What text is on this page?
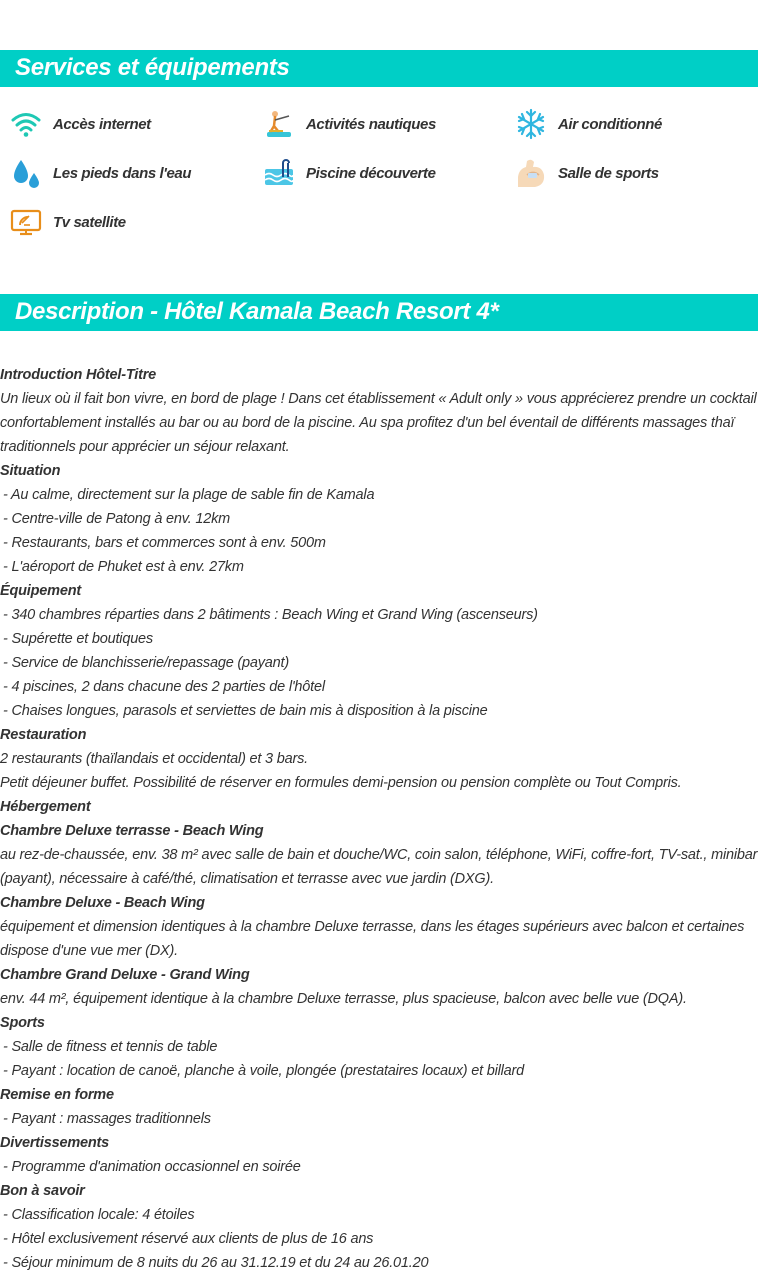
Services et équipements
Accès internet	Activités nautiques	Air conditionné
Les pieds dans l'eau	Piscine découverte	Salle de sports
Tv satellite
Description - Hôtel Kamala Beach Resort 4*
Introduction Hôtel-Titre
Un lieux où il fait bon vivre, en bord de plage ! Dans cet établissement « Adult only » vous apprécierez prendre un cocktail confortablement installés au bar ou au bord de la piscine. Au spa profitez d'un bel éventail de différents massages thaï traditionnels pour apprécier un séjour relaxant.
Situation
- Au calme, directement sur la plage de sable fin de Kamala
- Centre-ville de Patong à env. 12km
- Restaurants, bars et commerces sont à env. 500m
- L'aéroport de Phuket est à env. 27km
Équipement
- 340 chambres réparties dans 2 bâtiments : Beach Wing et Grand Wing (ascenseurs)
- Supérette et boutiques
- Service de blanchisserie/repassage (payant)
- 4 piscines, 2 dans chacune des 2 parties de l'hôtel
- Chaises longues, parasols et serviettes de bain mis à disposition à la piscine
Restauration
2 restaurants (thaïlandais et occidental) et 3 bars.
Petit déjeuner buffet. Possibilité de réserver en formules demi-pension ou pension complète ou Tout Compris.
Hébergement
Chambre Deluxe terrasse - Beach Wing
au rez-de-chaussée, env. 38 m² avec salle de bain et douche/WC, coin salon, téléphone, WiFi, coffre-fort, TV-sat., minibar (payant), nécessaire à café/thé, climatisation et terrasse avec vue jardin (DXG).
Chambre Deluxe - Beach Wing
équipement et dimension identiques à la chambre Deluxe terrasse, dans les étages supérieurs avec balcon et certaines dispose d'une vue mer (DX).
Chambre Grand Deluxe - Grand Wing
env. 44 m², équipement identique à la chambre Deluxe terrasse, plus spacieuse, balcon avec belle vue (DQA).
Sports
- Salle de fitness et tennis de table
- Payant : location de canoë, planche à voile, plongée (prestataires locaux) et billard
Remise en forme
- Payant : massages traditionnels
Divertissements
- Programme d'animation occasionnel en soirée
Bon à savoir
- Classification locale: 4 étoiles
- Hôtel exclusivement réservé aux clients de plus de 16 ans
- Séjour minimum de 8 nuits du 26 au 31.12.19 et du 24 au 26.01.20
